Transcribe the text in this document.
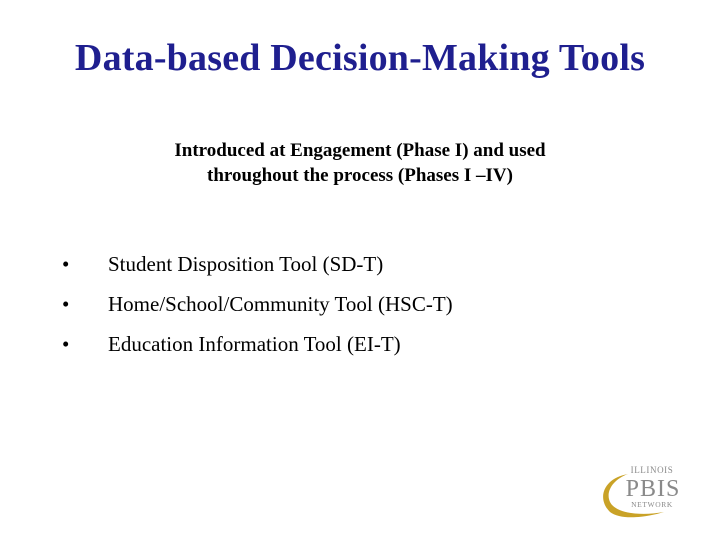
Data-based Decision-Making Tools
Introduced at Engagement (Phase I) and used
throughout the process (Phases I –IV)
•	Student Disposition Tool (SD-T)
•	Home/School/Community Tool (HSC-T)
•	Education Information Tool (EI-T)
ILLINOIS
PBIS
NETWORK
